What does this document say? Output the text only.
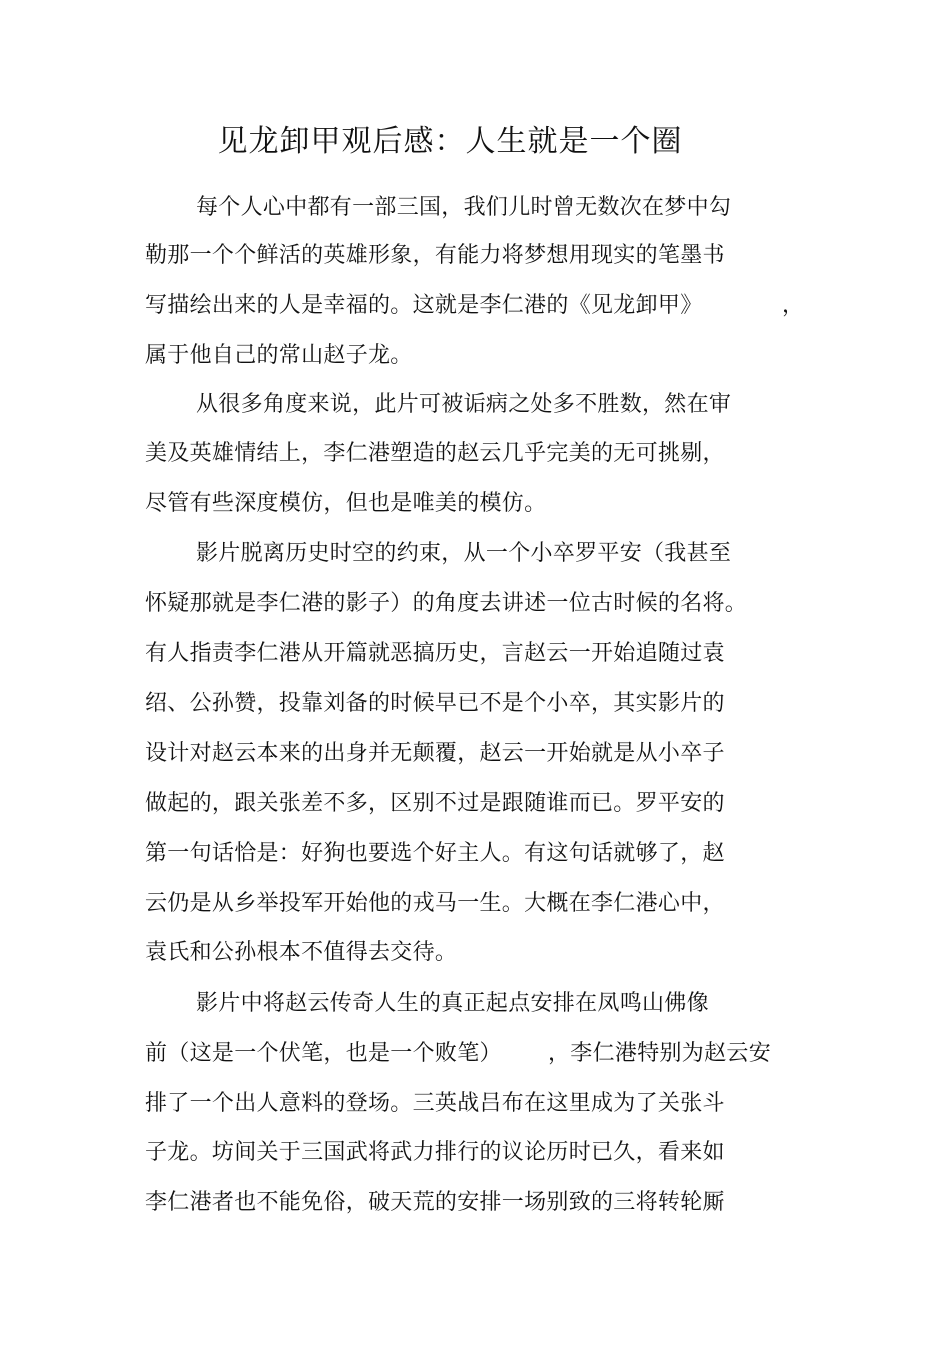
见龙卸甲观后感：人生就是一个圈
每个人心中都有一部三国，我们儿时曾无数次在梦中勾
勒那一个个鲜活的英雄形象，有能力将梦想用现实的笔墨书
写描绘出来的人是幸福的。这就是李仁港的《见龙卸甲》	，
属于他自己的常山赵子龙。
从很多角度来说，此片可被诟病之处多不胜数，然在审
美及英雄情结上，李仁港塑造的赵云几乎完美的无可挑剔，
尽管有些深度模仿，但也是唯美的模仿。
影片脱离历史时空的约束，从一个小卒罗平安（我甚至
怀疑那就是李仁港的影子）的角度去讲述一位古时候的名将。
有人指责李仁港从开篇就恶搞历史，言赵云一开始追随过袁
绍、公孙赞，投靠刘备的时候早已不是个小卒，其实影片的
设计对赵云本来的出身并无颠覆，赵云一开始就是从小卒子
做起的，跟关张差不多，区别不过是跟随谁而已。罗平安的
第一句话恰是：好狗也要选个好主人。有这句话就够了，赵
云仍是从乡举投军开始他的戎马一生。大概在李仁港心中，
袁氏和公孙根本不值得去交待。
影片中将赵云传奇人生的真正起点安排在凤鸣山佛像
前（这是一个伏笔，也是一个败笔） ，李仁港特别为赵云安
排了一个出人意料的登场。三英战吕布在这里成为了关张斗
子龙。坊间关于三国武将武力排行的议论历时已久，看来如
李仁港者也不能免俗，破天荒的安排一场别致的三将转轮厮
